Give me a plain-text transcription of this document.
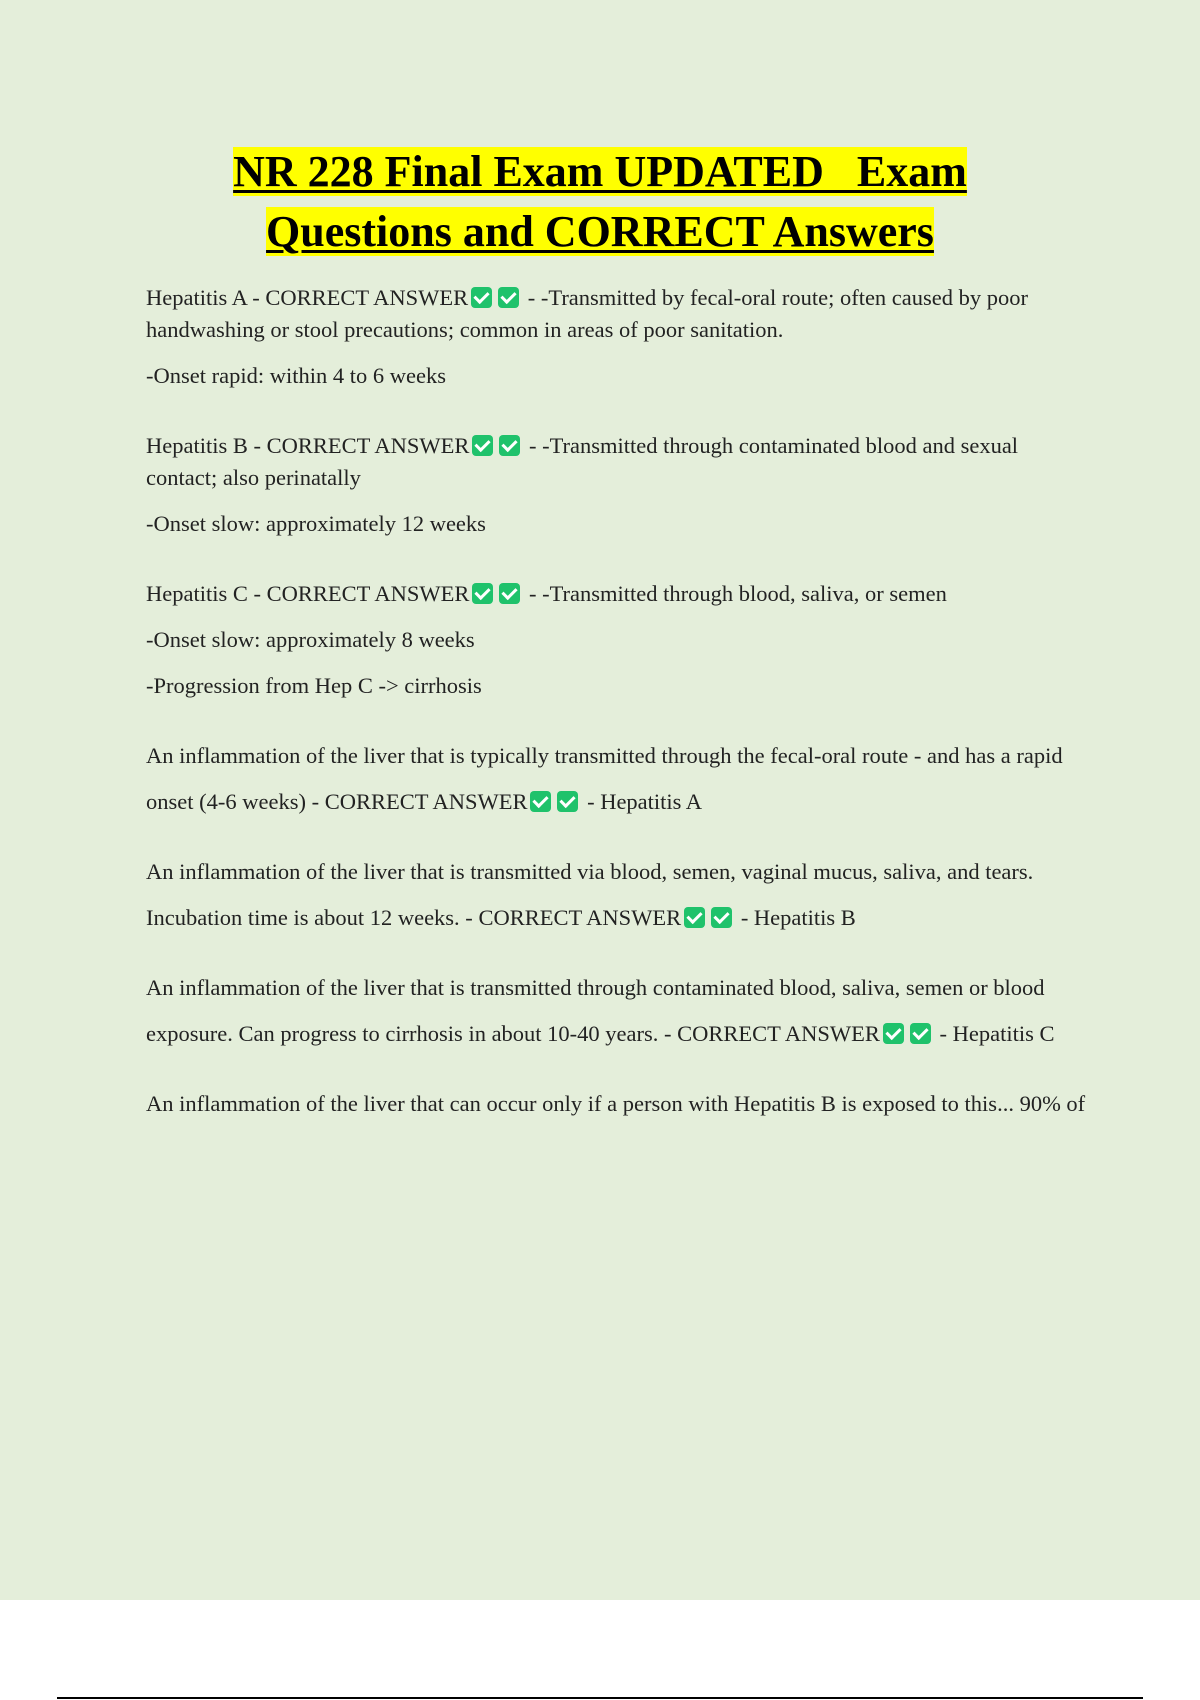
NR 228 Final Exam UPDATED   Exam
Questions and CORRECT Answers

Hepatitis A - CORRECT ANSWER - -Transmitted by fecal-oral route; often caused by poor handwashing or stool precautions; common in areas of poor sanitation.

-Onset rapid: within 4 to 6 weeks

Hepatitis B - CORRECT ANSWER - -Transmitted through contaminated blood and sexual contact; also perinatally

-Onset slow: approximately 12 weeks

Hepatitis C - CORRECT ANSWER - -Transmitted through blood, saliva, or semen

-Onset slow: approximately 8 weeks

-Progression from Hep C -> cirrhosis

An inflammation of the liver that is typically transmitted through the fecal-oral route - and has a rapid

onset (4-6 weeks) - CORRECT ANSWER - Hepatitis A

An inflammation of the liver that is transmitted via blood, semen, vaginal mucus, saliva, and tears.

Incubation time is about 12 weeks. - CORRECT ANSWER - Hepatitis B

An inflammation of the liver that is transmitted through contaminated blood, saliva, semen or blood

exposure. Can progress to cirrhosis in about 10-40 years. - CORRECT ANSWER - Hepatitis C

An inflammation of the liver that can occur only if a person with Hepatitis B is exposed to this... 90% of
